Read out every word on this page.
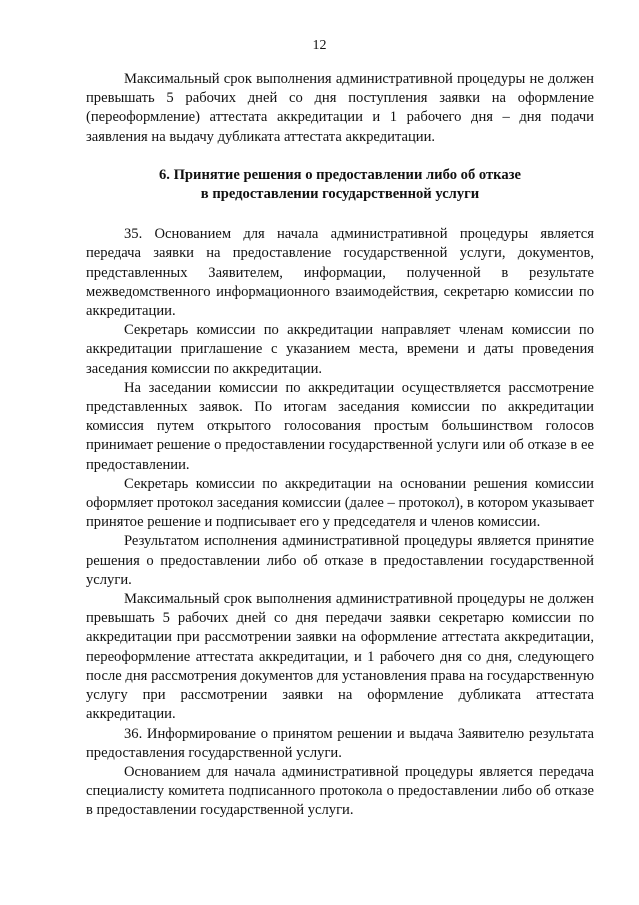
12

Максимальный срок выполнения административной процедуры не должен превышать 5 рабочих дней со дня поступления заявки на оформление (переоформление) аттестата аккредитации и 1 рабочего дня – дня подачи заявления на выдачу дубликата аттестата аккредитации.

6. Принятие решения о предоставлении либо об отказе
в предоставлении государственной услуги

35. Основанием для начала административной процедуры является передача заявки на предоставление государственной услуги, документов, представленных Заявителем, информации, полученной в результате межведомственного информационного взаимодействия, секретарю комиссии по аккредитации.

Секретарь комиссии по аккредитации направляет членам комиссии по аккредитации приглашение с указанием места, времени и даты проведения заседания комиссии по аккредитации.

На заседании комиссии по аккредитации осуществляется рассмотрение представленных заявок. По итогам заседания комиссии по аккредитации комиссия путем открытого голосования простым большинством голосов принимает решение о предоставлении государственной услуги или об отказе в ее предоставлении.

Секретарь комиссии по аккредитации на основании решения комиссии оформляет протокол заседания комиссии (далее – протокол), в котором указывает принятое решение и подписывает его у председателя и членов комиссии.

Результатом исполнения административной процедуры является принятие решения о предоставлении либо об отказе в предоставлении государственной услуги.

Максимальный срок выполнения административной процедуры не должен превышать 5 рабочих дней со дня передачи заявки секретарю комиссии по аккредитации при рассмотрении заявки на оформление аттестата аккредитации, переоформление аттестата аккредитации, и 1 рабочего дня со дня, следующего после дня рассмотрения документов для установления права на государственную услугу при рассмотрении заявки на оформление дубликата аттестата аккредитации.

36. Информирование о принятом решении и выдача Заявителю результата предоставления государственной услуги.

Основанием для начала административной процедуры является передача специалисту комитета подписанного протокола о предоставлении либо об отказе в предоставлении государственной услуги.
